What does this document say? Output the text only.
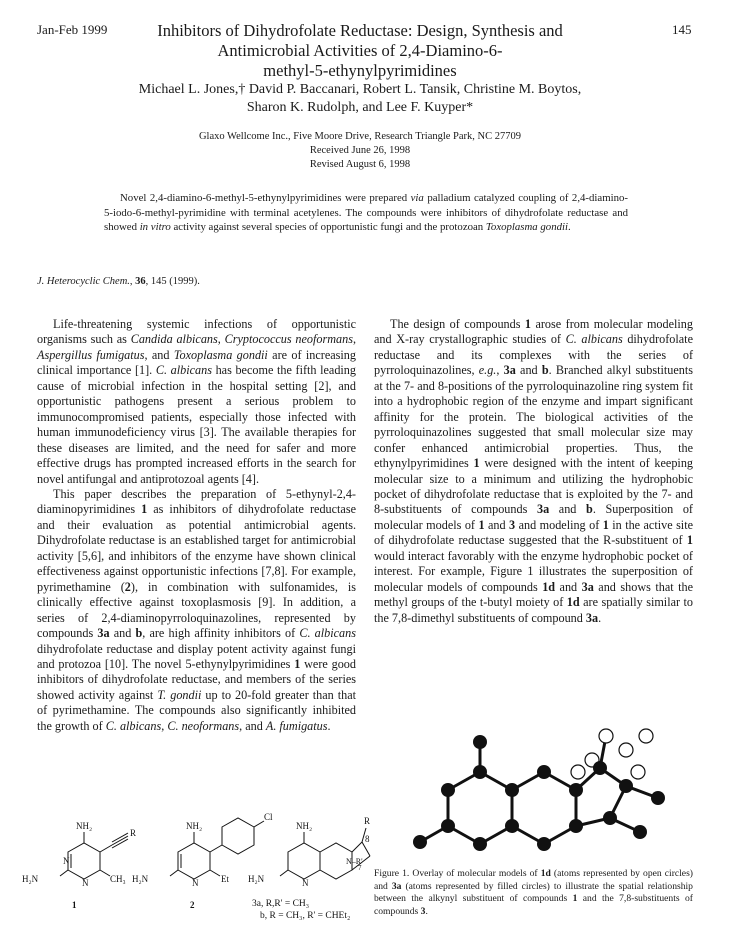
Jan-Feb 1999	145
Inhibitors of Dihydrofolate Reductase: Design, Synthesis and
Antimicrobial Activities of 2,4-Diamino-6-
methyl-5-ethynylpyrimidines
Michael L. Jones,† David P. Baccanari, Robert L. Tansik, Christine M. Boytos,
Sharon K. Rudolph, and Lee F. Kuyper*
Glaxo Wellcome Inc., Five Moore Drive, Research Triangle Park, NC 27709
Received June 26, 1998
Revised August 6, 1998
Novel 2,4-diamino-6-methyl-5-ethynylpyrimidines were prepared via palladium catalyzed coupling of 2,4-diamino-5-iodo-6-methyl-pyrimidine with terminal acetylenes. The compounds were inhibitors of dihydrofolate reductase and showed in vitro activity against several species of opportunistic fungi and the protozoan Toxoplasma gondii.
J. Heterocyclic Chem., 36, 145 (1999).

Life-threatening systemic infections of opportunistic organisms such as Candida albicans, Cryptococcus neoformans, Aspergillus fumigatus, and Toxoplasma gondii are of increasing clinical importance [1]. C. albicans has become the fifth leading cause of microbial infection in the hospital setting [2], and opportunistic pathogens present a serious problem to immunocompromised patients, especially those infected with human immunodeficiency virus [3]. The available therapies for these diseases are limited, and the need for safer and more effective drugs has prompted increased efforts in the search for novel antifungal and antiprotozoal agents [4].

This paper describes the preparation of 5-ethynyl-2,4-diaminopyrimidines 1 as inhibitors of dihydrofolate reductase and their evaluation as potential antimicrobial agents. Dihydrofolate reductase is an established target for antimicrobial activity [5,6], and inhibitors of the enzyme have shown clinical effectiveness against opportunistic infections [7,8]. For example, pyrimethamine (2), in combination with sulfonamides, is clinically effective against toxoplasmosis [9]. In addition, a series of 2,4-diaminopyrroloquinazolines, represented by compounds 3a and b, are high affinity inhibitors of C. albicans dihydrofolate reductase and display potent activity against fungi and protozoa [10]. The novel 5-ethynylpyrimidines 1 were good inhibitors of dihydrofolate reductase, and members of the series showed activity against T. gondii up to 20-fold greater than that of pyrimethamine. The compounds also significantly inhibited the growth of C. albicans, C. neoformans, and A. fumigatus.

The design of compounds 1 arose from molecular modeling and X-ray crystallographic studies of C. albicans dihydrofolate reductase and its complexes with the series of pyrroloquinazolines, e.g., 3a and b. Branched alkyl substituents at the 7- and 8-positions of the pyrroloquinazoline ring system fit into a hydrophobic region of the enzyme and impart significant affinity for the protein. The biological activities of the pyrroloquinazolines suggested that small molecular size may confer enhanced antimicrobial properties. Thus, the ethynylpyrimidines 1 were designed with the intent of keeping molecular size to a minimum and utilizing the hydrophobic pocket of dihydrofolate reductase that is exploited by the 7- and 8-substituents of compounds 3a and b. Superposition of molecular models of 1 and 3 and modeling of 1 in the active site of dihydrofolate reductase suggested that the R-substituent of 1 would interact favorably with the enzyme hydrophobic pocket of interest. For example, Figure 1 illustrates the superposition of molecular models of compounds 1d and 3a and shows that the methyl groups of the t-butyl moiety of 1d are spatially similar to the 7,8-dimethyl substituents of compound 3a.

NH₂
R
H₂N
N
N CH₃
1
NH₂
Cl
H₂N	N	Et
2
NH₂	R
8
N–R'
7
H₂N	N
3a, R,R' = CH₃
b, R = CH₃, R' = CHEt₂
Figure 1. Overlay of molecular models of 1d (atoms represented by open circles) and 3a (atoms represented by filled circles) to illustrate the spatial relationship between the alkynyl substituent of compounds 1 and the 7,8-substituents of compounds 3.
